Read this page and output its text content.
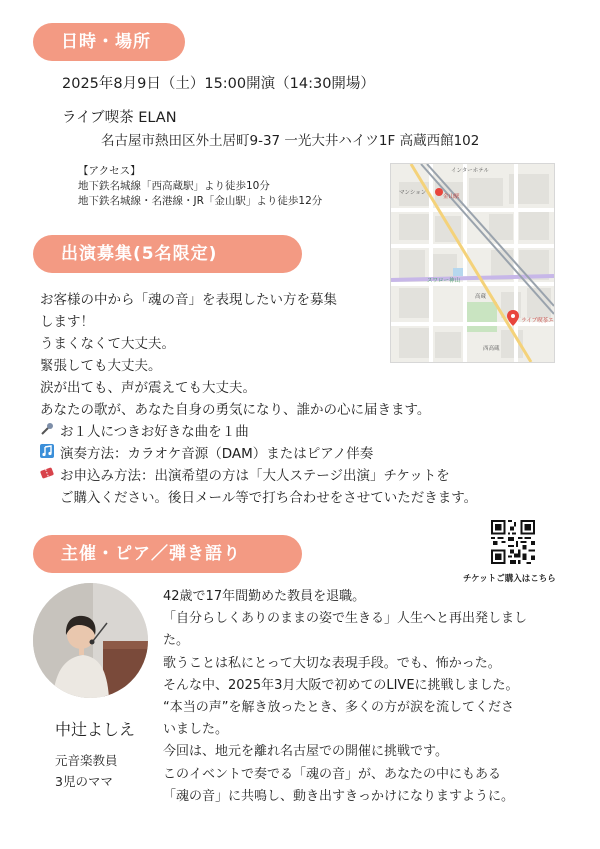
日時・場所
2025年8月9日（土）15:00開演（14:30開場）
ライブ喫茶 ELAN
名古屋市熱田区外土居町9-37 一光大井ハイツ1F 高蔵西館102
【アクセス】
地下鉄名城線「西高蔵駅」より徒歩10分
地下鉄名城線・名港線・JR「金山駅」より徒歩12分
インターホテル
マンション
金山駅
高蔵
スワロー神山
ライブ喫茶エ
西高蔵
出演募集(5名限定)
お客様の中から「魂の音」を表現したい方を募集
します！
うまくなくて大丈夫。
緊張しても大丈夫。
涙が出ても、声が震えても大丈夫。
あなたの歌が、あなた自身の勇気になり、誰かの心に届きます。
お１人につきお好きな曲を１曲
演奏方法：カラオケ音源（DAM）またはピアノ伴奏
お申込み方法：出演希望の方は「大人ステージ出演」チケットを
ご購入ください。後日メール等で打ち合わせをさせていただきます。
チケットご購入はこちら
主催・ピア／弾き語り
中辻よしえ
元音楽教員
3児のママ
42歳で17年間勤めた教員を退職。
「自分らしくありのままの姿で生きる」人生へと再出発しまし
た。
歌うことは私にとって大切な表現手段。でも、怖かった。
そんな中、2025年3月大阪で初めてのLIVEに挑戦しました。
“本当の声”を解き放ったとき、多くの方が涙を流してくださ
いました。
今回は、地元を離れ名古屋での開催に挑戦です。
このイベントで奏でる「魂の音」が、あなたの中にもある
「魂の音」に共鳴し、動き出すきっかけになりますように。
